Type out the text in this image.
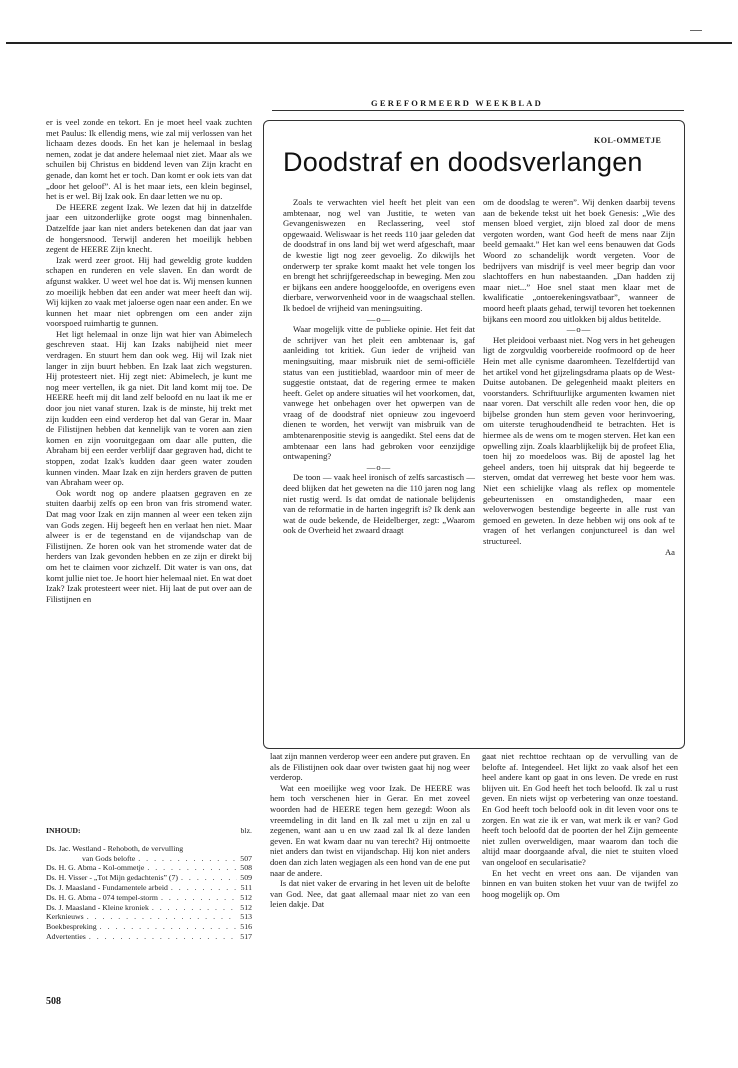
GEREFORMEERD WEEKBLAD

er is veel zonde en tekort. En je moet heel vaak zuchten met Paulus: Ik ellendig mens, wie zal mij verlossen van het lichaam dezes doods. En het kan je helemaal in beslag nemen, zodat je dat andere helemaal niet ziet. Maar als we schuilen bij Christus en biddend leven van Zijn kracht en genade, dan komt het er toch. Dan komt er ook iets van dat „door het geloof”. Al is het maar iets, een klein beginsel, het is er wel. Bij Izak ook. En daar letten we nu op.

De HEERE zegent Izak. We lezen dat hij in datzelfde jaar een uitzonderlijke grote oogst mag binnenhalen. Datzelfde jaar kan niet anders betekenen dan dat jaar van de hongersnood. Terwijl anderen het moeilijk hebben zegent de HEERE Zijn knecht.

Izak werd zeer groot. Hij had geweldig grote kudden schapen en runderen en vele slaven. En dan wordt de afgunst wakker. U weet wel hoe dat is. Wij mensen kunnen zo moeilijk hebben dat een ander wat meer heeft dan wij. Wij kijken zo vaak met jaloerse ogen naar een ander. En we kunnen het maar niet opbrengen om een ander zijn voorspoed ruimhartig te gunnen.

Het ligt helemaal in onze lijn wat hier van Abimelech geschreven staat. Hij kan Izaks nabijheid niet meer verdragen. En stuurt hem dan ook weg. Hij wil Izak niet langer in zijn buurt hebben. En Izak laat zich wegsturen. Hij protesteert niet. Hij zegt niet: Abimelech, je kunt me nog meer vertellen, ik ga niet. Dit land komt mij toe. De HEERE heeft mij dit land zelf beloofd en nu laat ik me er door jou niet vanaf sturen. Izak is de minste, hij trekt met zijn kudden een eind verderop het dal van Gerar in. Maar de Filistijnen hebben dat kennelijk van te voren aan zien komen en zijn vooruitgegaan om daar alle putten, die Abraham bij een eerder verblijf daar gegraven had, dicht te stoppen, zodat Izak's kudden daar geen water zouden kunnen vinden. Maar Izak en zijn herders graven de putten van Abraham weer op.

Ook wordt nog op andere plaatsen gegraven en ze stuiten daarbij zelfs op een bron van fris stromend water. Dat mag voor Izak en zijn mannen al weer een teken zijn van Gods zegen. Hij begeeft hen en verlaat hen niet. Maar alweer is er de tegenstand en de vijandschap van de Filistijnen. Ze horen ook van het stromende water dat de herders van Izak gevonden hebben en ze zijn er direkt bij om het te claimen voor zichzelf. Dit water is van ons, dat komt jullie niet toe. Je hoort hier helemaal niet. En wat doet Izak? Izak protesteert weer niet. Hij laat de put over aan de Filistijnen en

KOL-OMMETJE
Doodstraf en doodsverlangen

Zoals te verwachten viel heeft het pleit van een ambtenaar, nog wel van Justitie, te weten van Gevangeniswezen en Reclassering, veel stof opgewaaid. Weliswaar is het reeds 110 jaar geleden dat de doodstraf in ons land bij wet werd afgeschaft, maar de kwestie ligt nog zeer gevoelig. Zo dikwijls het onderwerp ter sprake komt maakt het vele tongen los en brengt het schrijfgereedschap in beweging. Men zou er bijkans een andere hooggeloofde, en overigens even dierbare, verworvenheid voor in de waagschaal stellen. Ik bedoel de vrijheid van meningsuiting.

—o—

Waar mogelijk vitte de publieke opinie. Het feit dat de schrijver van het pleit een ambtenaar is, gaf aanleiding tot kritiek. Gun ieder de vrijheid van meningsuiting, maar misbruik niet de semi-officiële status van een justitieblad, waardoor min of meer de suggestie ontstaat, dat de regering ermee te maken heeft. Gelet op andere situaties wil het voorkomen, dat, vanwege het onbehagen over het opwerpen van de vraag of de doodstraf niet opnieuw zou ingevoerd dienen te worden, het verwijt van misbruik van de ambtenarenpositie stevig is aangedikt. Stel eens dat de ambtenaar een lans had gebroken voor eenzijdige ontwapening?

—o—

De toon — vaak heel ironisch of zelfs sarcastisch — deed blijken dat het geweten na die 110 jaren nog lang niet rustig werd. Is dat omdat de nationale belijdenis van de reformatie in de harten ingegrift is? Ik denk aan wat de oude bekende, de Heidelberger, zegt: „Waarom ook de Overheid het zwaard draagt

om de doodslag te weren”. Wij denken daarbij tevens aan de bekende tekst uit het boek Genesis: „Wie des mensen bloed vergiet, zijn bloed zal door de mens vergoten worden, want God heeft de mens naar Zijn beeld gemaakt.” Het kan wel eens benauwen dat Gods Woord zo schandelijk wordt vergeten. Voor de bedrijvers van misdrijf is veel meer begrip dan voor slachtoffers en hun nabestaanden. „Dan hadden zij maar niet...” Hoe snel staat men klaar met de kwalificatie „ontoerekeningsvatbaar”, wanneer de moord heeft plaats gehad, terwijl tevoren het toekennen bijkans een moord zou uitlokken bij aldus betitelde.

—o—

Het pleidooi verbaast niet. Nog vers in het geheugen ligt de zorgvuldig voorbereide roofmoord op de heer Hein met alle cynisme daaromheen. Tezelfdertijd van het artikel vond het gijzelingsdrama plaats op de West-Duitse autobanen. De gelegenheid maakt pleiters en voorstanders. Schriftuurlijke argumenten kwamen niet naar voren. Dat verschilt alle reden voor hen, die op bijbelse gronden hun stem geven voor herinvoering, om uiterste terughoudendheid te betrachten. Het is hiermee als de wens om te mogen sterven. Het kan een opwelling zijn. Zoals klaarblijkelijk bij de profeet Elia, toen hij zo moedeloos was. Bij de apostel lag het geheel anders, toen hij uitsprak dat hij begeerde te sterven, omdat dat verreweg het beste voor hem was. Niet een schielijke vlaag als reflex op momentele gebeurtenissen en omstandigheden, maar een weloverwogen bestendige begeerte in alle rust van gemoed en geweten. In deze hebben wij ons ook af te vragen of het verlangen conjunctureel is dan wel structureel.

Aa

laat zijn mannen verderop weer een andere put graven. En als de Filistijnen ook daar over twisten gaat hij nog weer verderop.

Wat een moeilijke weg voor Izak. De HEERE was hem toch verschenen hier in Gerar. En met zoveel woorden had de HEERE tegen hem gezegd: Woon als vreemdeling in dit land en Ik zal met u zijn en zal u zegenen, want aan u en uw zaad zal Ik al deze landen geven. En wat kwam daar nu van terecht? Hij ontmoette niet anders dan twist en vijandschap. Hij kon niet anders doen dan zich laten wegjagen als een hond van de ene put naar de andere.

Is dat niet vaker de ervaring in het leven uit de belofte van God. Nee, dat gaat allemaal maar niet zo van een leien dakje. Dat

gaat niet rechttoe rechtaan op de vervulling van de belofte af. Integendeel. Het lijkt zo vaak alsof het een heel andere kant op gaat in ons leven. De vrede en rust blijven uit. En God heeft het toch beloofd. Ik zal u rust geven. En niets wijst op verbetering van onze toestand. En God heeft toch beloofd ook in dit leven voor ons te zorgen. En wat zie ik er van, wat merk ik er van? God heeft toch beloofd dat de poorten der hel Zijn gemeente niet zullen overweldigen, maar waarom dan toch die altijd maar doorgaande afval, die niet te stuiten vloed van ongeloof en secularisatie?

En het vecht en vreet ons aan. De vijanden van binnen en van buiten stoken het vuur van de twijfel zo hoog mogelijk op. Om

INHOUD:	blz.
Ds. Jac. Westland - Rehoboth, de vervulling
van Gods belofte . . .	507
Ds. H. G. Abma - Kol-ommetje . . .	508
Ds. H. Visser - „Tot Mijn gedachtenis” (7) . . .	509
Ds. J. Maasland - Fundamentele arbeid . . .	511
Ds. H. G. Abma - 074 tempel-storm . . .	512
Ds. J. Maasland - Kleine kroniek . . .	512
Kerknieuws . . .	513
Boekbespreking . . .	516
Advertenties . . .	517
508
